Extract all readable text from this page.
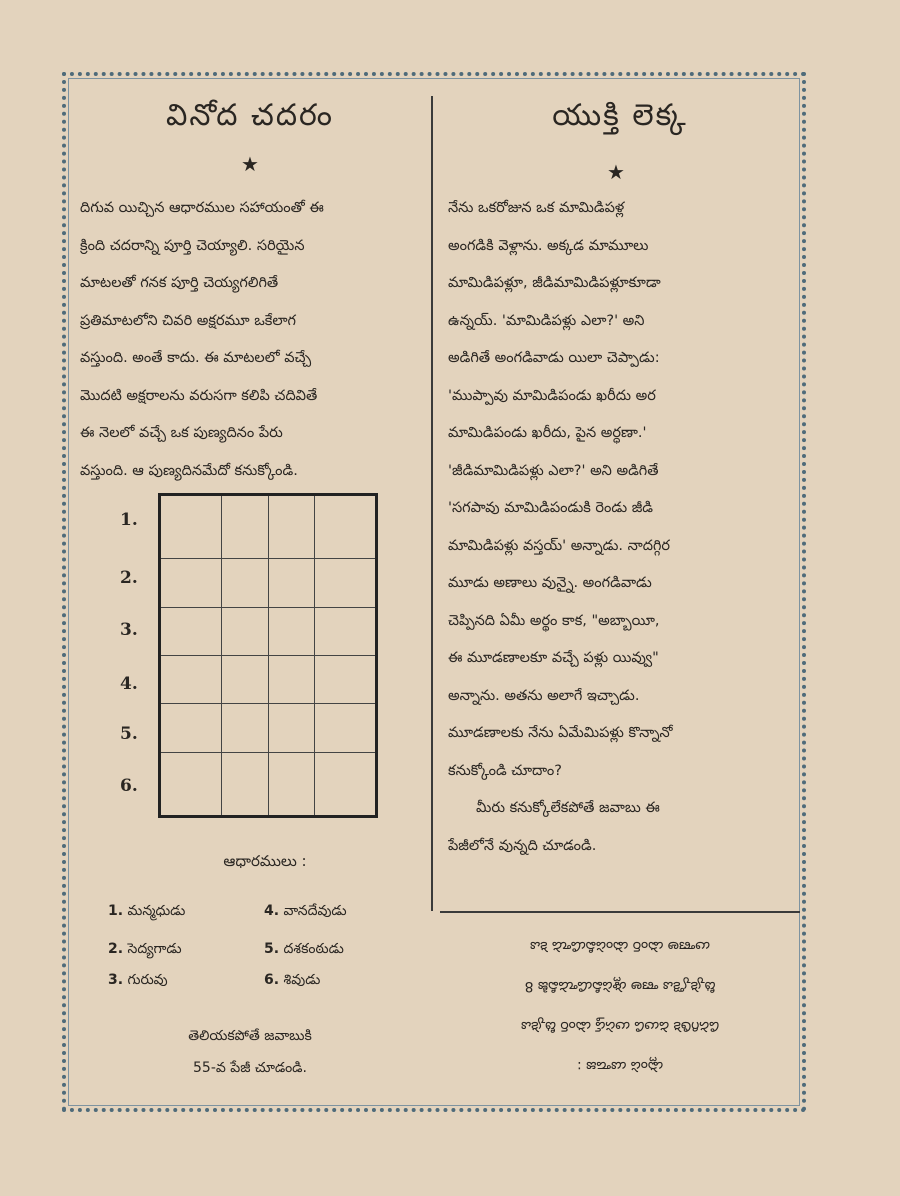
వినోద చదరం
★
దిగువ యిచ్చిన ఆధారముల సహాయంతో ఈ
క్రింది చదరాన్ని పూర్తి చెయ్యాలి. సరియైన
మాటలతో గనక పూర్తి చెయ్యగలిగితే
ప్రతిమాటలోని చివరి అక్షరమూ ఒకేలాగ
వస్తుంది. అంతే కాదు. ఈ మాటలలో వచ్చే
మొదటి అక్షరాలను వరుసగా కలిపి చదివితే
ఈ నెలలో వచ్చే ఒక పుణ్యదినం పేరు
వస్తుంది. ఆ పుణ్యదినమేదో కనుక్కోండి.
1.
2.
3.
4.
5.
6.

ఆధారములు :
1. మన్మధుడు	4. వానదేవుడు
2. సెద్యగాడు	5. దశకంఠుడు
3. గురువు	6. శివుడు
తెలియకపోతే జవాబుకి
55-వ పేజీ చూడండి.
యుక్తి లెక్క
★
నేను ఒకరోజున ఒక మామిడిపళ్ల
అంగడికి వెళ్లాను. అక్కడ మామూలు
మామిడిపళ్లూ, జీడిమామిడిపళ్లూకూడా
ఉన్నయ్. 'మామిడిపళ్లు ఎలా?' అని
అడిగితే అంగడివాడు యిలా చెప్పాడు:
'ముప్పావు మామిడిపండు ఖరీదు అర
మామిడిపండు ఖరీదు, పైన అర్ధణా.'
'జీడిమామిడిపళ్లు ఎలా?' అని అడిగితే
'సగపావు మామిడిపండుకి రెండు జీడి
మామిడిపళ్లు వస్తయ్' అన్నాడు. నాదగ్గిర
మూడు అణాలు వున్నై. అంగడివాడు
చెప్పినది ఏమీ అర్థం కాక, "అబ్బాయీ,
ఈ మూడణాలకూ వచ్చే పళ్లు యివ్వు"
అన్నాను. అతను అలాగే ఇచ్చాడు.
మూడణాలకు నేను ఏమేమిపళ్లు కొన్నానో
కనుక్కోండి చూదాం?
మీరు కనుక్కోలేకపోతే జవాబు ఈ
పేజీలోనే వున్నది చూడండి.
ఒక మామిడిపండు రెండు అణాలు
8 జీడిమామిడిపళ్లు అణా ఒక్కొక్కటి
ఒక్కటి రెండు పైసలు విలువ కలిగినవి
: జవాబు పండ్లు
